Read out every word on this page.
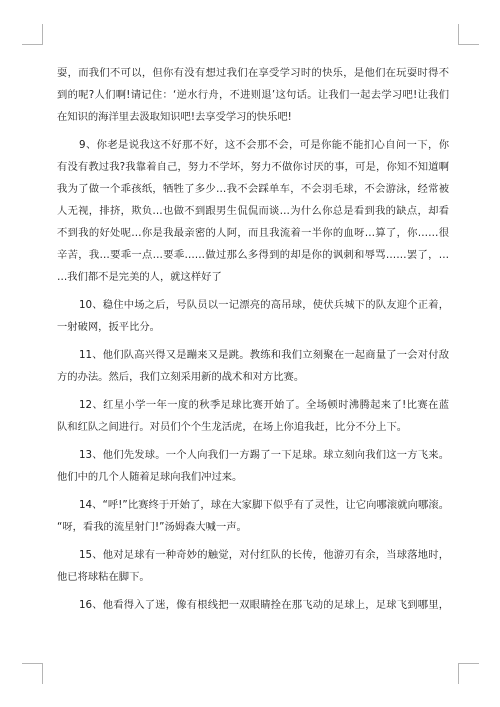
耍，而我们不可以，但你有没有想过我们在享受学习时的快乐，是他们在玩耍时得不
到的呢?人们啊!请记住：‘逆水行舟，不进则退’这句话。让我们一起去学习吧!让我们
在知识的海洋里去汲取知识吧!去享受学习的快乐吧!
9、你老是说我这不好那不好，这不会那不会，可是你能不能扪心自问一下，你
有没有教过我?我靠着自己，努力不学坏，努力不做你讨厌的事，可是，你知不知道啊
我为了做一个乖孩纸，牺牲了多少…我不会踩单车，不会羽毛球，不会游泳，经常被
人无视，排挤，欺负…也做不到跟男生侃侃而谈…为什么你总是看到我的缺点，却看
不到我的好处呢…你是我最亲密的人阿，而且我流着一半你的血呀…算了，你……很
辛苦，我…要乖一点…要乖……做过那么多得到的却是你的讽刺和辱骂……罢了，…
…我们都不是完美的人，就这样好了
10、稳住中场之后，号队员以一记漂亮的高吊球，使伏兵城下的队友迎个正着，
一射破网，扳平比分。
11、他们队高兴得又是蹦来又是跳。教练和我们立刻聚在一起商量了一会对付敌
方的办法。然后，我们立刻采用新的战术和对方比赛。
12、红星小学一年一度的秋季足球比赛开始了。全场顿时沸腾起来了!比赛在蓝
队和红队之间进行。对员们个个生龙活虎，在场上你追我赶，比分不分上下。
13、他们先发球。一个人向我们一方踢了一下足球。球立刻向我们这一方飞来。
他们中的几个人随着足球向我们冲过来。
14、“呼!”比赛终于开始了，球在大家脚下似乎有了灵性，让它向哪滚就向哪滚。
“呀，看我的流星射门!”汤姆森大喊一声。
15、他对足球有一种奇妙的触觉，对付红队的长传，他游刃有余，当球落地时，
他已将球粘在脚下。
16、他看得入了迷，像有根线把一双眼睛拴在那飞动的足球上，足球飞到哪里，
